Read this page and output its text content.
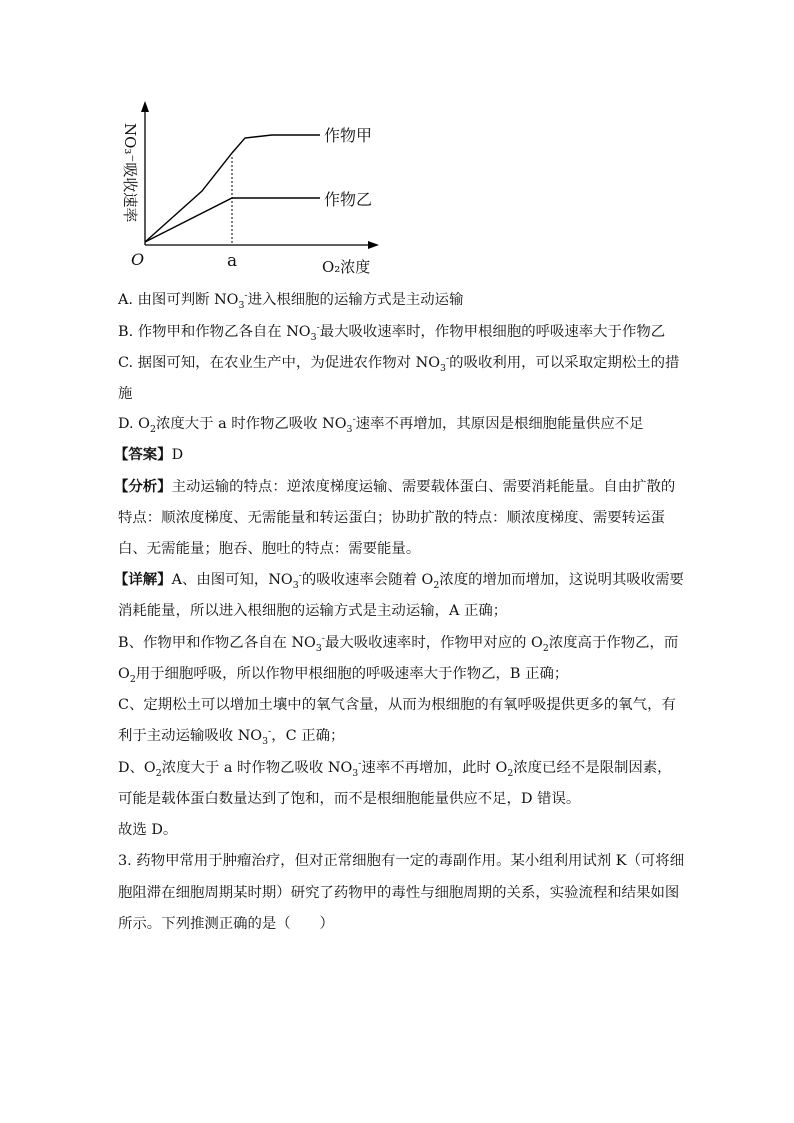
NO₃⁻吸收速率
O	a	O₂浓度
作物甲
作物乙
A. 由图可判断 $NO_3^-$进入根细胞的运输方式是主动运输
B. 作物甲和作物乙各自在 $NO_3^-$最大吸收速率时，作物甲根细胞的呼吸速率大于作物乙
C. 据图可知，在农业生产中，为促进农作物对 $NO_3^-$的吸收利用，可以采取定期松土的措
施
D. $O_2$浓度大于 a 时作物乙吸收 $NO_3^-$速率不再增加，其原因是根细胞能量供应不足
【答案】D
【分析】主动运输的特点：逆浓度梯度运输、需要载体蛋白、需要消耗能量。自由扩散的
特点：顺浓度梯度、无需能量和转运蛋白；协助扩散的特点：顺浓度梯度、需要转运蛋
白、无需能量；胞吞、胞吐的特点：需要能量。
【详解】A、由图可知，$NO_3^-$的吸收速率会随着 $O_2$浓度的增加而增加，这说明其吸收需要
消耗能量，所以进入根细胞的运输方式是主动运输，A 正确；
B、作物甲和作物乙各自在 $NO_3^-$最大吸收速率时，作物甲对应的 $O_2$浓度高于作物乙，而
$O_2$用于细胞呼吸，所以作物甲根细胞的呼吸速率大于作物乙，B 正确；
C、定期松土可以增加土壤中的氧气含量，从而为根细胞的有氧呼吸提供更多的氧气，有
利于主动运输吸收 $NO_3^-$，C 正确；
D、$O_2$浓度大于 a 时作物乙吸收 $NO_3^-$速率不再增加，此时 $O_2$浓度已经不是限制因素，
可能是载体蛋白数量达到了饱和，而不是根细胞能量供应不足，D 错误。
故选 D。
3. 药物甲常用于肿瘤治疗，但对正常细胞有一定的毒副作用。某小组利用试剂 K（可将细
胞阻滞在细胞周期某时期）研究了药物甲的毒性与细胞周期的关系，实验流程和结果如图
所示。下列推测正确的是（　　）
